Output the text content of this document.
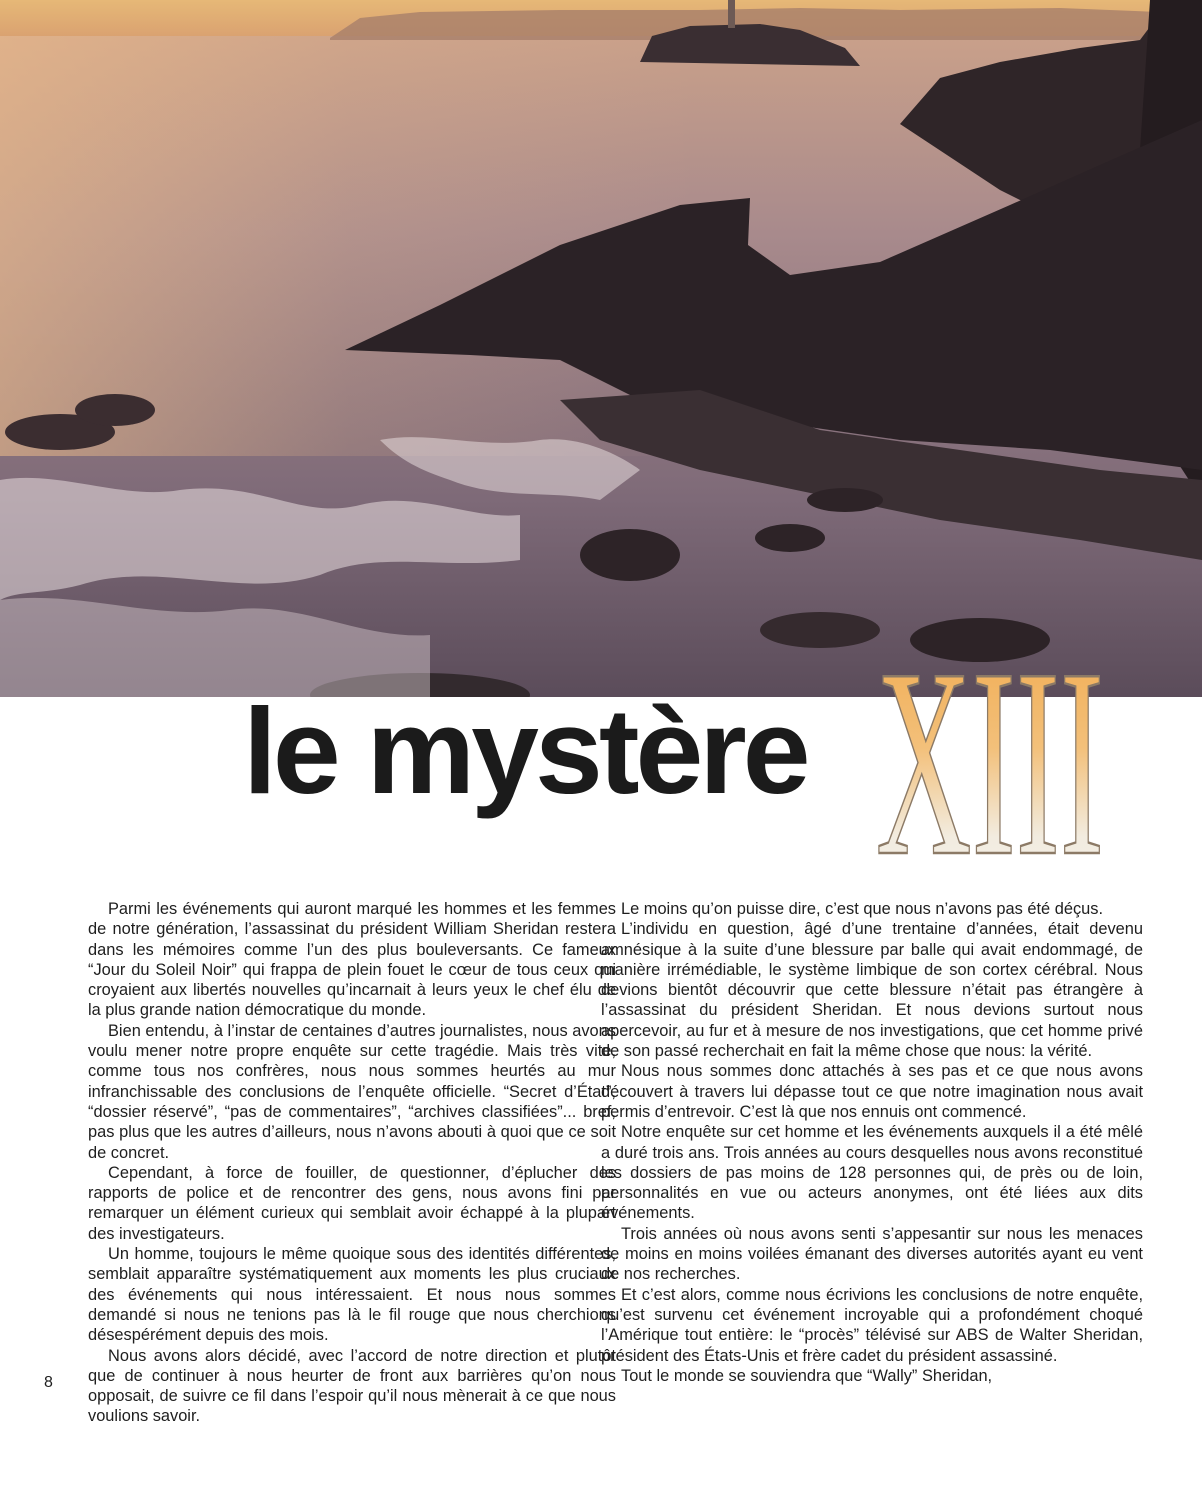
le mystère XIII

Parmi les événements qui auront marqué les hommes et les femmes de notre génération, l’assassinat du président William Sheridan restera dans les mémoires comme l’un des plus bouleversants. Ce fameux “Jour du Soleil Noir” qui frappa de plein fouet le cœur de tous ceux qui croyaient aux libertés nouvelles qu’incarnait à leurs yeux le chef élu de la plus grande nation démocratique du monde.

Bien entendu, à l’instar de centaines d’autres journalistes, nous avons voulu mener notre propre enquête sur cette tragédie. Mais très vite, comme tous nos confrères, nous nous sommes heurtés au mur infranchissable des conclusions de l’enquête officielle. “Secret d’État”, “dossier réservé”, “pas de commentaires”, “archives classifiées”... bref, pas plus que les autres d’ailleurs, nous n’avons abouti à quoi que ce soit de concret.

Cependant, à force de fouiller, de questionner, d’éplucher des rapports de police et de rencontrer des gens, nous avons fini par remarquer un élément curieux qui semblait avoir échappé à la plupart des investigateurs.

Un homme, toujours le même quoique sous des identités différentes, semblait apparaître systématiquement aux moments les plus cruciaux des événements qui nous intéressaient. Et nous nous sommes demandé si nous ne tenions pas là le fil rouge que nous cherchions désespérément depuis des mois.

Nous avons alors décidé, avec l’accord de notre direction et plutôt que de continuer à nous heurter de front aux barrières qu’on nous opposait, de suivre ce fil dans l’espoir qu’il nous mènerait à ce que nous voulions savoir.

Le moins qu’on puisse dire, c’est que nous n’avons pas été déçus.

L’individu en question, âgé d’une trentaine d’années, était devenu amnésique à la suite d’une blessure par balle qui avait endommagé, de manière irrémédiable, le système limbique de son cortex cérébral. Nous devions bientôt découvrir que cette blessure n’était pas étrangère à l’assassinat du président Sheridan. Et nous devions surtout nous apercevoir, au fur et à mesure de nos investigations, que cet homme privé de son passé recherchait en fait la même chose que nous: la vérité.

Nous nous sommes donc attachés à ses pas et ce que nous avons découvert à travers lui dépasse tout ce que notre imagination nous avait permis d’entrevoir. C’est là que nos ennuis ont commencé.

Notre enquête sur cet homme et les événements auxquels il a été mêlé a duré trois ans. Trois années au cours desquelles nous avons reconstitué les dossiers de pas moins de 128 personnes qui, de près ou de loin, personnalités en vue ou acteurs anonymes, ont été liées aux dits événements.

Trois années où nous avons senti s’appesantir sur nous les menaces de moins en moins voilées émanant des diverses autorités ayant eu vent de nos recherches.

Et c’est alors, comme nous écrivions les conclusions de notre enquête, qu’est survenu cet événement incroyable qui a profondément choqué l’Amérique tout entière: le “procès” télévisé sur ABS de Walter Sheridan, président des États-Unis et frère cadet du président assassiné.

Tout le monde se souviendra que “Wally” Sheridan,

8
